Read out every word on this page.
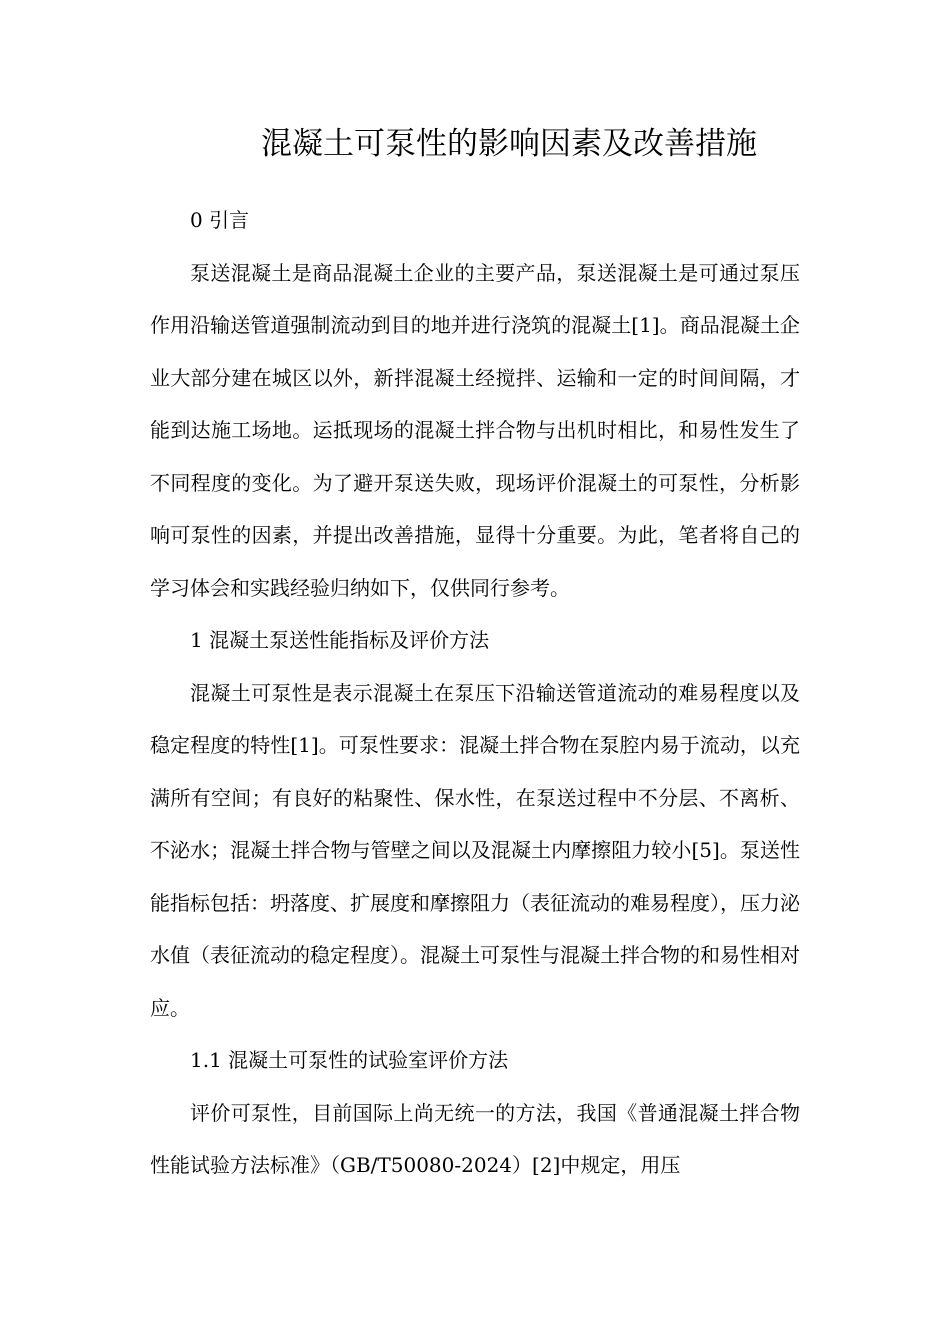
混凝土可泵性的影响因素及改善措施

0 引言

泵送混凝土是商品混凝土企业的主要产品，泵送混凝土是可通过泵压作用沿输送管道强制流动到目的地并进行浇筑的混凝土[1]。商品混凝土企业大部分建在城区以外，新拌混凝土经搅拌、运输和一定的时间间隔，才能到达施工场地。运抵现场的混凝土拌合物与出机时相比，和易性发生了不同程度的变化。为了避开泵送失败，现场评价混凝土的可泵性，分析影响可泵性的因素，并提出改善措施，显得十分重要。为此，笔者将自己的学习体会和实践经验归纳如下，仅供同行参考。

1 混凝土泵送性能指标及评价方法

混凝土可泵性是表示混凝土在泵压下沿输送管道流动的难易程度以及稳定程度的特性[1]。可泵性要求：混凝土拌合物在泵腔内易于流动，以充满所有空间；有良好的粘聚性、保水性，在泵送过程中不分层、不离析、不泌水；混凝土拌合物与管壁之间以及混凝土内摩擦阻力较小[5]。泵送性能指标包括：坍落度、扩展度和摩擦阻力（表征流动的难易程度），压力泌水值（表征流动的稳定程度）。混凝土可泵性与混凝土拌合物的和易性相对应。

1.1 混凝土可泵性的试验室评价方法

评价可泵性，目前国际上尚无统一的方法，我国《普通混凝土拌合物性能试验方法标准》（GB/T50080-2024）[2]中规定，用压
